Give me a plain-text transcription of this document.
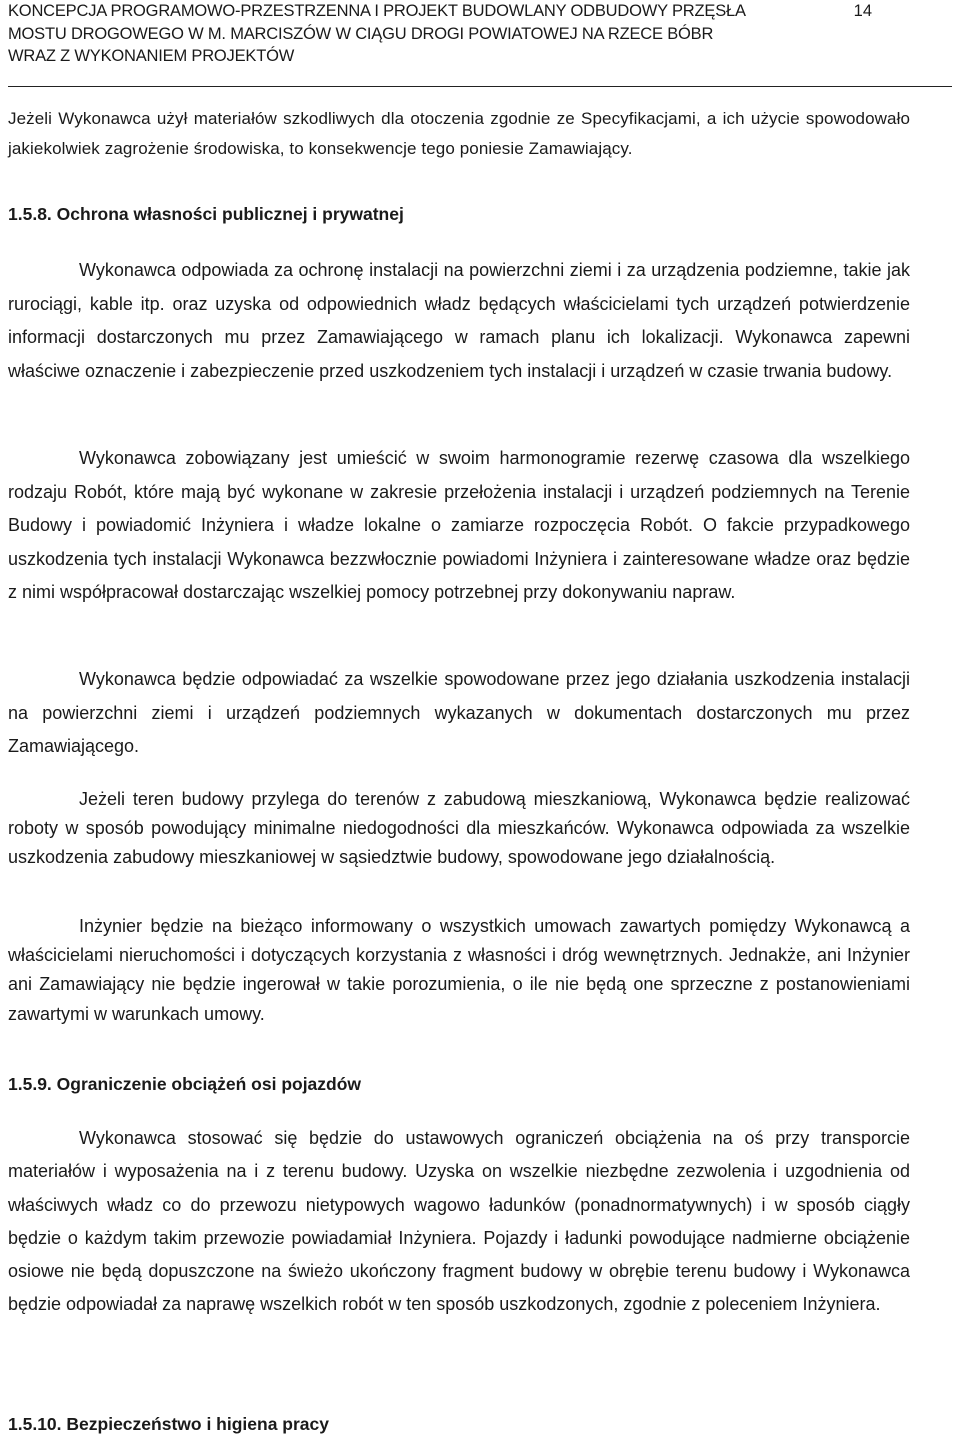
KONCEPCJA PROGRAMOWO-PRZESTRZENNA I PROJEKT BUDOWLANY ODBUDOWY PRZĘSŁA
MOSTU DROGOWEGO W M. MARCISZÓW W CIĄGU DROGI POWIATOWEJ NA RZECE BÓBR
WRAZ Z WYKONANIEM PROJEKTÓW
14

Jeżeli Wykonawca użył materiałów szkodliwych dla otoczenia zgodnie ze Specyfikacjami, a ich użycie spowodowało jakiekolwiek zagrożenie środowiska, to konsekwencje tego poniesie Zamawiający.

1.5.8. Ochrona własności publicznej i prywatnej

Wykonawca odpowiada za ochronę instalacji na powierzchni ziemi i za urządzenia podziemne, takie jak rurociągi, kable itp. oraz uzyska od odpowiednich władz będących właścicielami tych urządzeń potwierdzenie informacji dostarczonych mu przez Zamawiającego w ramach planu ich lokalizacji. Wykonawca zapewni właściwe oznaczenie i zabezpieczenie przed uszkodzeniem tych instalacji i urządzeń w czasie trwania budowy.

Wykonawca zobowiązany jest umieścić w swoim harmonogramie rezerwę czasowa dla wszelkiego rodzaju Robót, które mają być wykonane w zakresie przełożenia instalacji i urządzeń podziemnych na Terenie Budowy i powiadomić Inżyniera i władze lokalne o zamiarze rozpoczęcia Robót. O fakcie przypadkowego uszkodzenia tych instalacji Wykonawca bezzwłocznie powiadomi Inżyniera i zainteresowane władze oraz będzie z nimi współpracował dostarczając wszelkiej pomocy potrzebnej przy dokonywaniu napraw.

Wykonawca będzie odpowiadać za wszelkie spowodowane przez jego działania uszkodzenia instalacji na powierzchni ziemi i urządzeń podziemnych wykazanych w dokumentach dostarczonych mu przez Zamawiającego.

Jeżeli teren budowy przylega do terenów z zabudową mieszkaniową, Wykonawca będzie realizować roboty w sposób powodujący minimalne niedogodności dla mieszkańców. Wykonawca odpowiada za wszelkie uszkodzenia zabudowy mieszkaniowej w sąsiedztwie budowy, spowodowane jego działalnością.

Inżynier będzie na bieżąco informowany o wszystkich umowach zawartych pomiędzy Wykonawcą a właścicielami nieruchomości i dotyczących korzystania z własności i dróg wewnętrznych. Jednakże, ani Inżynier ani Zamawiający nie będzie ingerował w takie porozumienia, o ile nie będą one sprzeczne z postanowieniami zawartymi w warunkach umowy.

1.5.9. Ograniczenie obciążeń osi pojazdów

Wykonawca stosować się będzie do ustawowych ograniczeń obciążenia na oś przy transporcie materiałów i wyposażenia na i z terenu budowy. Uzyska on wszelkie niezbędne zezwolenia i uzgodnienia od właściwych władz co do przewozu nietypowych wagowo ładunków (ponadnormatywnych) i w sposób ciągły będzie o każdym takim przewozie powiadamiał Inżyniera. Pojazdy i ładunki powodujące nadmierne obciążenie osiowe nie będą dopuszczone na świeżo ukończony fragment budowy w obrębie terenu budowy i Wykonawca będzie odpowiadał za naprawę wszelkich robót w ten sposób uszkodzonych, zgodnie z poleceniem Inżyniera.

1.5.10. Bezpieczeństwo i higiena pracy
